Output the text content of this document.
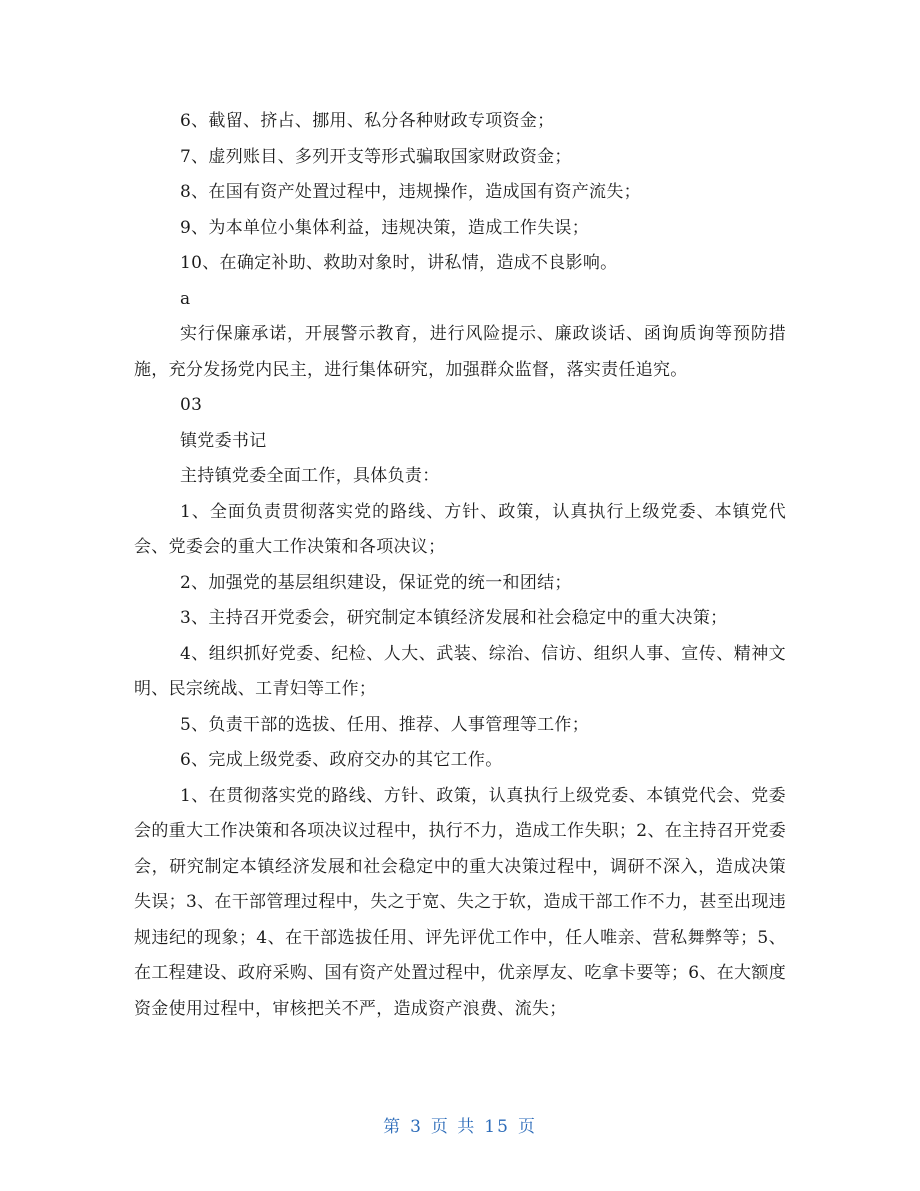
6、截留、挤占、挪用、私分各种财政专项资金；

7、虚列账目、多列开支等形式骗取国家财政资金；

8、在国有资产处置过程中，违规操作，造成国有资产流失；

9、为本单位小集体利益，违规决策，造成工作失误；

10、在确定补助、救助对象时，讲私情，造成不良影响。

a

实行保廉承诺，开展警示教育，进行风险提示、廉政谈话、函询质询等预防措施，充分发扬党内民主，进行集体研究，加强群众监督，落实责任追究。

03

镇党委书记

主持镇党委全面工作，具体负责：

1、全面负责贯彻落实党的路线、方针、政策，认真执行上级党委、本镇党代会、党委会的重大工作决策和各项决议；

2、加强党的基层组织建设，保证党的统一和团结；

3、主持召开党委会，研究制定本镇经济发展和社会稳定中的重大决策；

4、组织抓好党委、纪检、人大、武装、综治、信访、组织人事、宣传、精神文明、民宗统战、工青妇等工作；

5、负责干部的选拔、任用、推荐、人事管理等工作；

6、完成上级党委、政府交办的其它工作。

1、在贯彻落实党的路线、方针、政策，认真执行上级党委、本镇党代会、党委会的重大工作决策和各项决议过程中，执行不力，造成工作失职；2、在主持召开党委会，研究制定本镇经济发展和社会稳定中的重大决策过程中，调研不深入，造成决策失误；3、在干部管理过程中，失之于宽、失之于软，造成干部工作不力，甚至出现违规违纪的现象；4、在干部选拔任用、评先评优工作中，任人唯亲、营私舞弊等；5、在工程建设、政府采购、国有资产处置过程中，优亲厚友、吃拿卡要等；6、在大额度资金使用过程中，审核把关不严，造成资产浪费、流失；

第 3 页 共 15 页
